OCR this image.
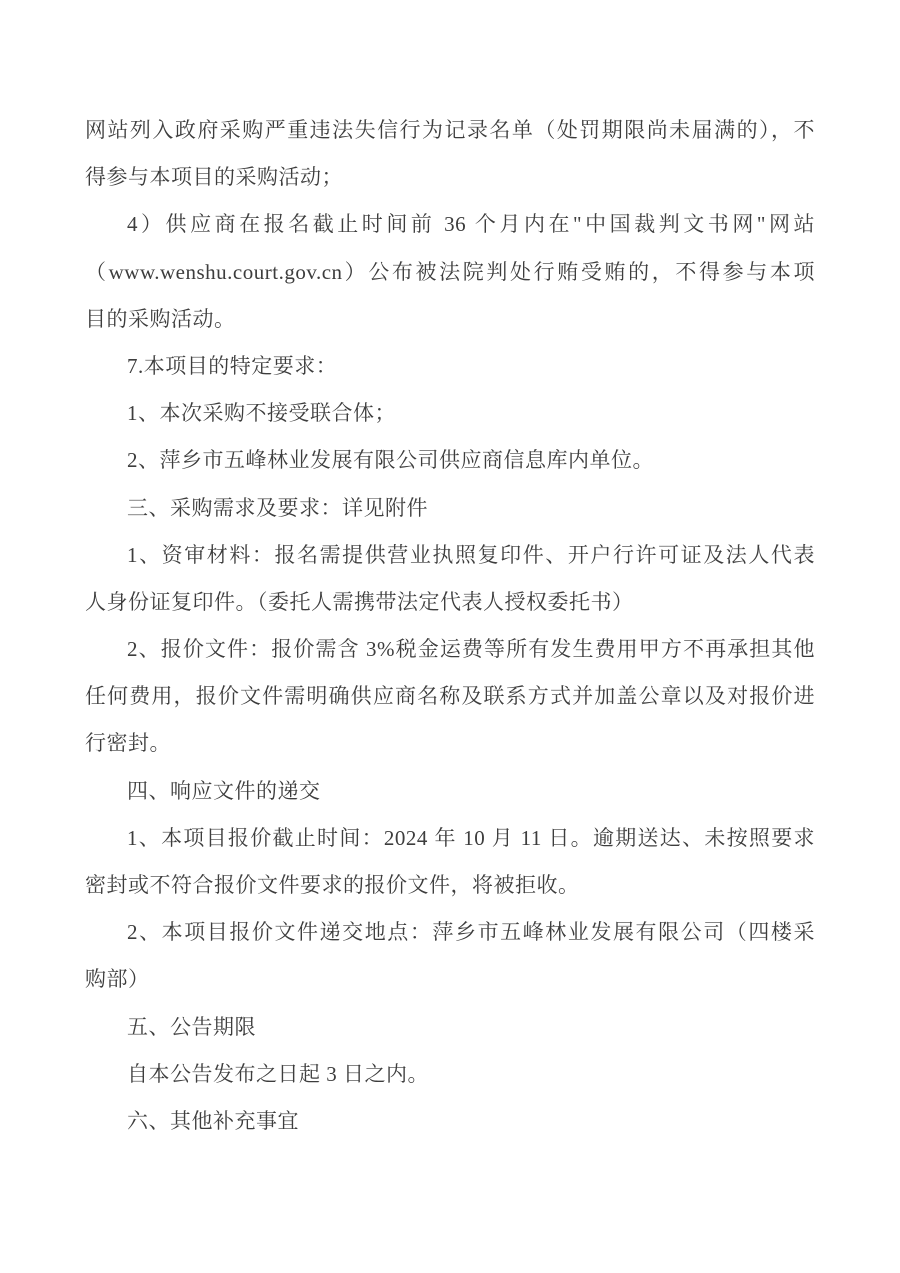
网站列入政府采购严重违法失信行为记录名单（处罚期限尚未届满的），不

得参与本项目的采购活动；

4）供应商在报名截止时间前 36 个月内在"中国裁判文书网"网站

（www.wenshu.court.gov.cn）公布被法院判处行贿受贿的，不得参与本项

目的采购活动。

7.本项目的特定要求：

1、本次采购不接受联合体；

2、萍乡市五峰林业发展有限公司供应商信息库内单位。

三、采购需求及要求：详见附件

1、资审材料：报名需提供营业执照复印件、开户行许可证及法人代表

人身份证复印件。（委托人需携带法定代表人授权委托书）

2、报价文件：报价需含 3%税金运费等所有发生费用甲方不再承担其他

任何费用，报价文件需明确供应商名称及联系方式并加盖公章以及对报价进

行密封。

四、响应文件的递交

1、本项目报价截止时间：2024 年 10 月 11 日。逾期送达、未按照要求

密封或不符合报价文件要求的报价文件，将被拒收。

2、本项目报价文件递交地点：萍乡市五峰林业发展有限公司（四楼采

购部）

五、公告期限

自本公告发布之日起 3 日之内。

六、其他补充事宜
